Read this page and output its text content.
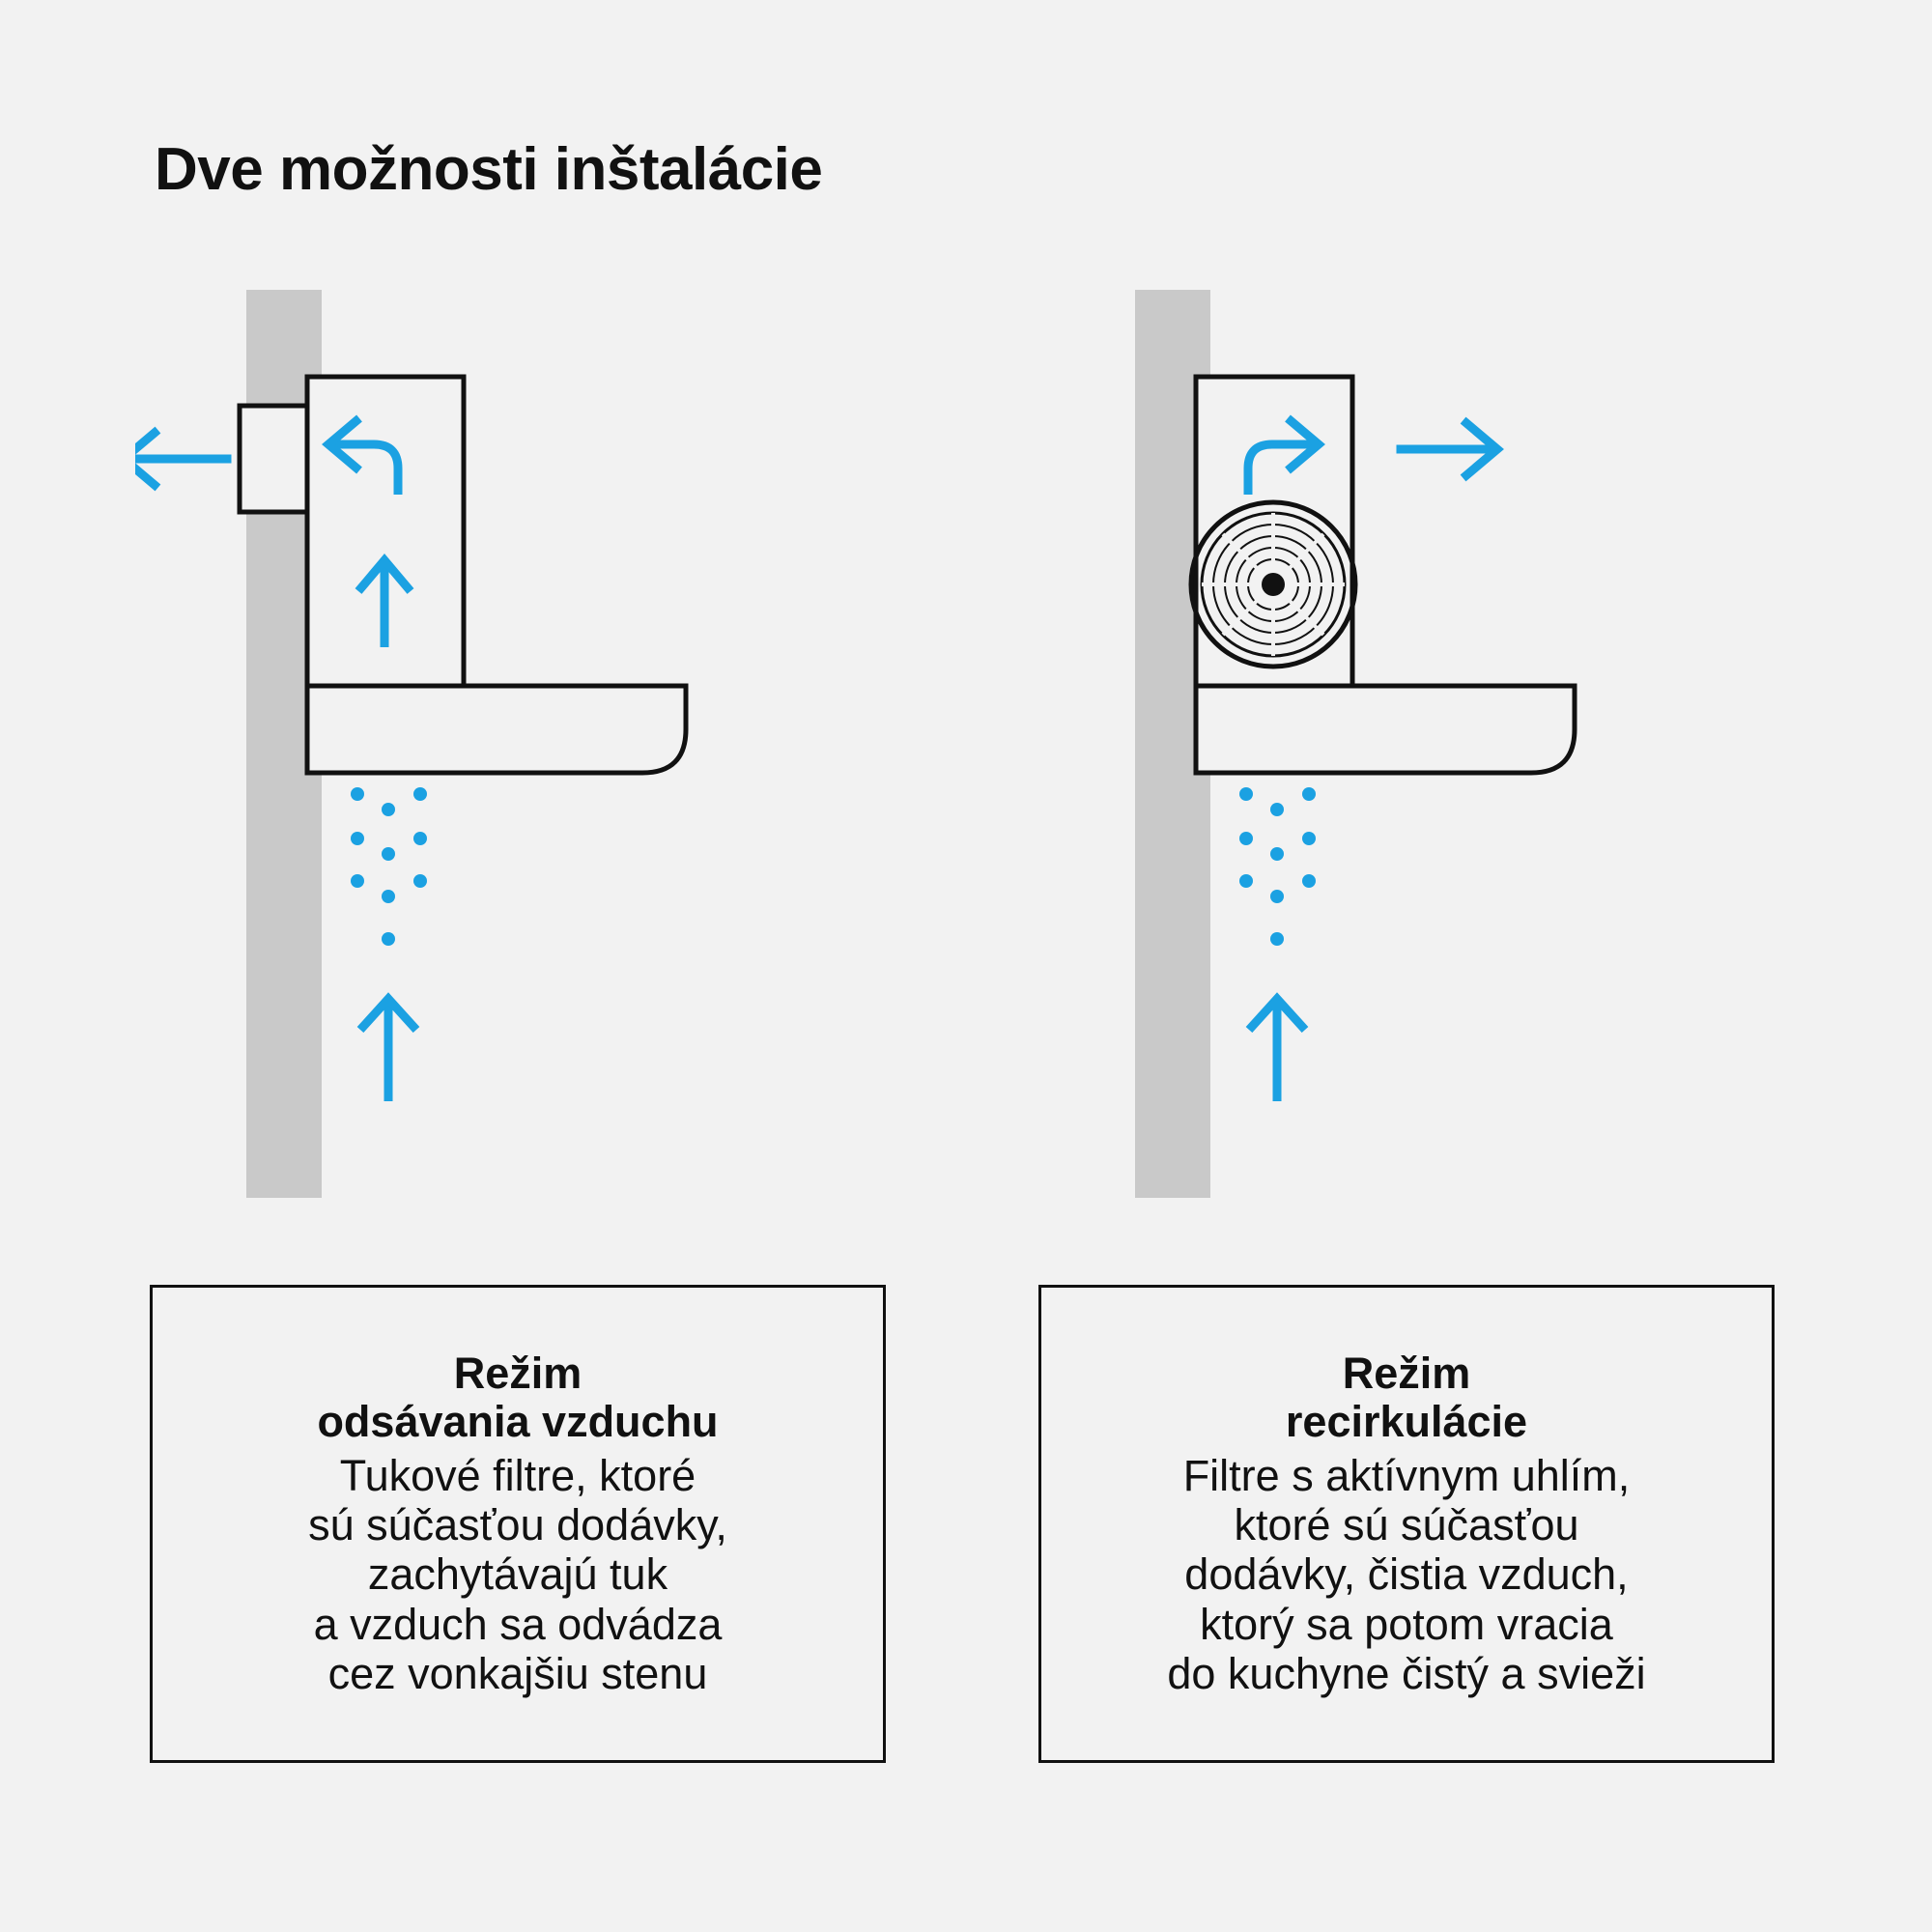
Dve možnosti inštalácie
Režim
odsávania vzduchu
Tukové filtre, ktoré
sú súčasťou dodávky,
zachytávajú tuk
a vzduch sa odvádza
cez vonkajšiu stenu
Režim
recirkulácie
Filtre s aktívnym uhlím,
ktoré sú súčasťou
dodávky, čistia vzduch,
ktorý sa potom vracia
do kuchyne čistý a svieži
